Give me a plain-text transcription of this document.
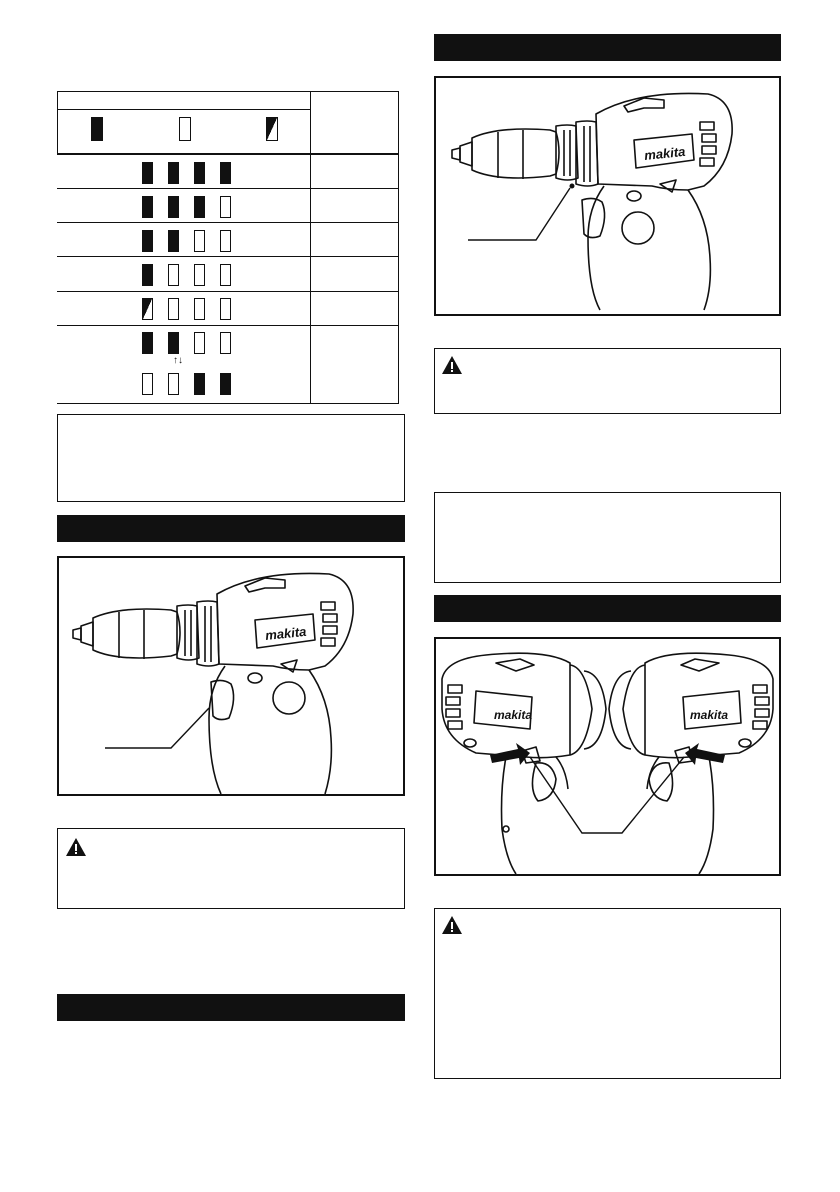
↑↓
makita
makita
makita	makita
